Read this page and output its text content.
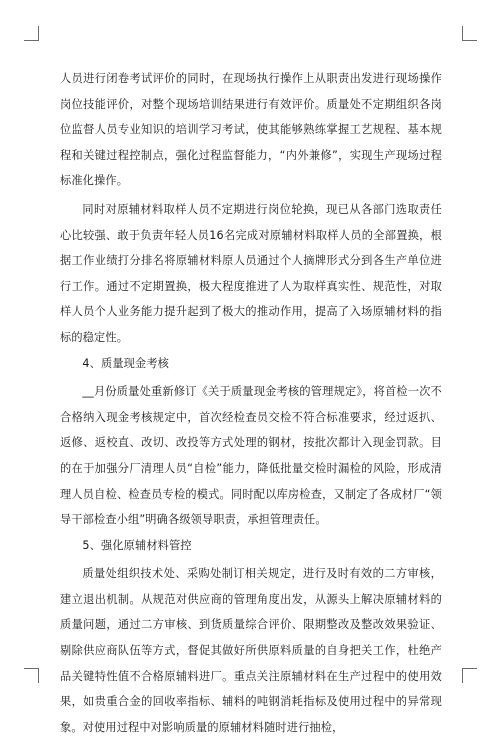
人员进行闭卷考试评价的同时，在现场执行操作上从职责出发进行现场操作岗位技能评价，对整个现场培训结果进行有效评价。质量处不定期组织各岗位监督人员专业知识的培训学习考试，使其能够熟练掌握工艺规程、基本规程和关键过程控制点，强化过程监督能力，“内外兼修”，实现生产现场过程标准化操作。

同时对原辅材料取样人员不定期进行岗位轮换，现已从各部门选取责任心比较强、敢于负责年轻人员16名完成对原辅材料取样人员的全部置换，根据工作业绩打分排名将原辅材料原人员通过个人摘牌形式分到各生产单位进行工作。通过不定期置换，极大程度推进了人为取样真实性、规范性，对取样人员个人业务能力提升起到了极大的推动作用，提高了入场原辅材料的指标的稳定性。

4、质量现金考核

__月份质量处重新修订《关于质量现金考核的管理规定》，将首检一次不合格纳入现金考核规定中，首次经检查员交检不符合标准要求，经过返扒、返修、返校直、改切、改投等方式处理的钢材，按批次都计入现金罚款。目的在于加强分厂清理人员“自检”能力，降低批量交检时漏检的风险，形成清理人员自检、检查员专检的模式。同时配以库房检查，又制定了各成材厂“领导干部检查小组”明确各级领导职责，承担管理责任。

5、强化原辅材料管控

质量处组织技术处、采购处制订相关规定，进行及时有效的二方审核，建立退出机制。从规范对供应商的管理角度出发，从源头上解决原辅材料的质量问题，通过二方审核、到货质量综合评价、限期整改及整改效果验证、剔除供应商队伍等方式，督促其做好所供原料质量的自身把关工作，杜绝产品关键特性值不合格原辅料进厂。重点关注原辅材料在生产过程中的使用效果，如贵重合金的回收率指标、辅料的吨钢消耗指标及使用过程中的异常现象。对使用过程中对影响质量的原辅材料随时进行抽检，
